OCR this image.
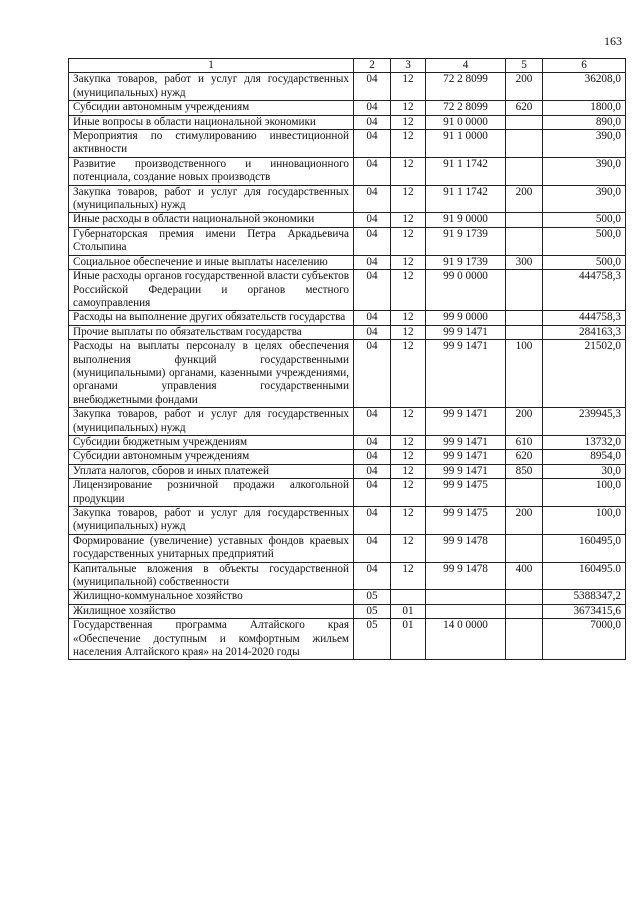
163
1	2	3	4	5	6
Закупка товаров, работ и услуг для государственных (муниципальных) нужд	04	12	72 2 8099	200	36208,0
Субсидии автономным учреждениям	04	12	72 2 8099	620	1800,0
Иные вопросы в области национальной экономики	04	12	91 0 0000		890,0
Мероприятия по стимулированию инвестиционной активности	04	12	91 1 0000		390,0
Развитие производственного и инновационного потенциала, создание новых производств	04	12	91 1 1742		390,0
Закупка товаров, работ и услуг для государственных (муниципальных) нужд	04	12	91 1 1742	200	390,0
Иные расходы в области национальной экономики	04	12	91 9 0000		500,0
Губернаторская премия имени Петра Аркадьевича Столыпина	04	12	91 9 1739		500,0
Социальное обеспечение и иные выплаты населению	04	12	91 9 1739	300	500,0
Иные расходы органов государственной власти субъектов Российской Федерации и органов местного самоуправления	04	12	99 0 0000		444758,3
Расходы на выполнение других обязательств государства	04	12	99 9 0000		444758,3
Прочие выплаты по обязательствам государства	04	12	99 9 1471		284163,3
Расходы на выплаты персоналу в целях обеспечения выполнения функций государственными (муниципальными) органами, казенными учреждениями, органами управления государственными внебюджетными фондами	04	12	99 9 1471	100	21502,0
Закупка товаров, работ и услуг для государственных (муниципальных) нужд	04	12	99 9 1471	200	239945,3
Субсидии бюджетным учреждениям	04	12	99 9 1471	610	13732,0
Субсидии автономным учреждениям	04	12	99 9 1471	620	8954,0
Уплата налогов, сборов и иных платежей	04	12	99 9 1471	850	30,0
Лицензирование розничной продажи алкогольной продукции	04	12	99 9 1475		100,0
Закупка товаров, работ и услуг для государственных (муниципальных) нужд	04	12	99 9 1475	200	100,0
Формирование (увеличение) уставных фондов краевых государственных унитарных предприятий	04	12	99 9 1478		160495,0
Капитальные вложения в объекты государственной (муниципальной) собственности	04	12	99 9 1478	400	160495.0
Жилищно-коммунальное хозяйство	05				5388347,2
Жилищное хозяйство	05	01			3673415,6
Государственная программа Алтайского края «Обеспечение доступным и комфортным жильем населения Алтайского края» на 2014-2020 годы	05	01	14 0 0000		7000,0
